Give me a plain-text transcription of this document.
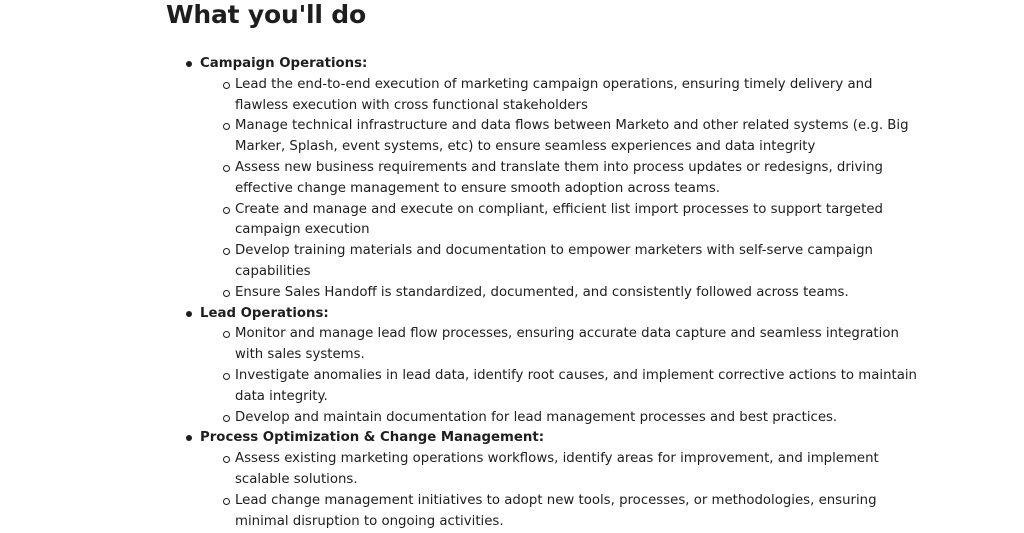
What you'll do
Campaign Operations:
Lead the end-to-end execution of marketing campaign operations, ensuring timely delivery and flawless execution with cross functional stakeholders
Manage technical infrastructure and data flows between Marketo and other related systems (e.g. Big Marker, Splash, event systems, etc) to ensure seamless experiences and data integrity
Assess new business requirements and translate them into process updates or redesigns, driving effective change management to ensure smooth adoption across teams.
Create and manage and execute on compliant, efficient list import processes to support targeted campaign execution
Develop training materials and documentation to empower marketers with self-serve campaign capabilities
Ensure Sales Handoff is standardized, documented, and consistently followed across teams.
Lead Operations:
Monitor and manage lead flow processes, ensuring accurate data capture and seamless integration with sales systems.
Investigate anomalies in lead data, identify root causes, and implement corrective actions to maintain data integrity.
Develop and maintain documentation for lead management processes and best practices.
Process Optimization & Change Management:
Assess existing marketing operations workflows, identify areas for improvement, and implement scalable solutions.
Lead change management initiatives to adopt new tools, processes, or methodologies, ensuring minimal disruption to ongoing activities.
